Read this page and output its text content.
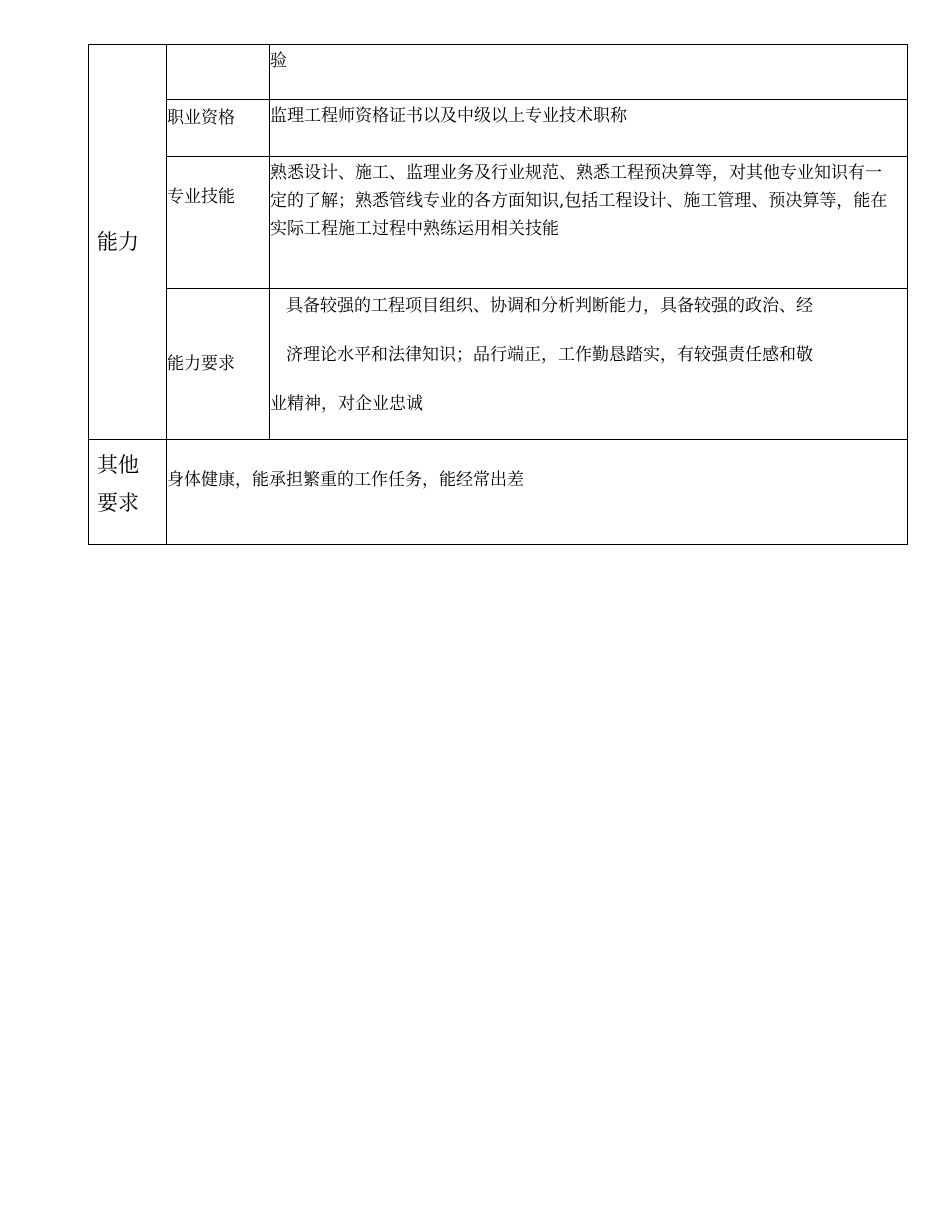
能力		验
	职业资格	监理工程师资格证书以及中级以上专业技术职称
	专业技能	熟悉设计、施工、监理业务及行业规范、熟悉工程预决算等，对其他专业知识有一定的了解；熟悉管线专业的各方面知识,包括工程设计、施工管理、预决算等，能在实际工程施工过程中熟练运用相关技能
	能力要求	具备较强的工程项目组织、协调和分析判断能力，具备较强的政治、经
济理论水平和法律知识；品行端正，工作勤恳踏实，有较强责任感和敬
业精神，对企业忠诚

其他
要求	身体健康，能承担繁重的工作任务，能经常出差	
